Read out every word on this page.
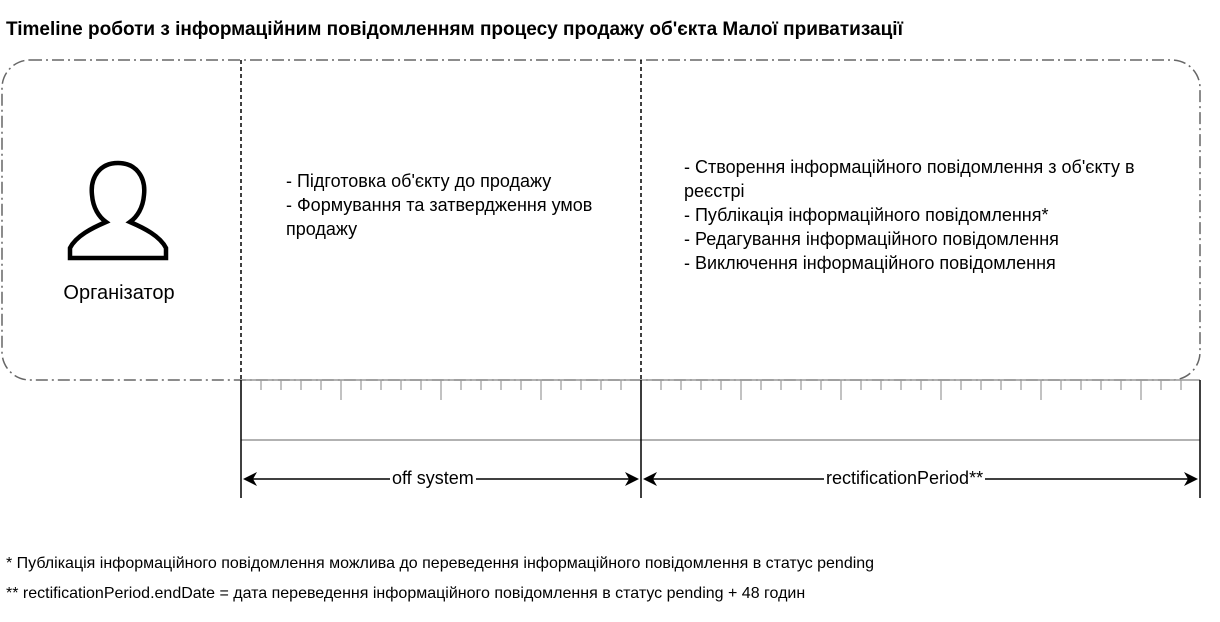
Timeline роботи з інформаційним повідомленням процесу продажу об'єкта Малої приватизації
Організатор
- Підготовка об'єкту до продажу
- Формування та затвердження умов продажу
- Створення інформаційного повідомлення з об'єкту в реєстрі
- Публікація інформаційного повідомлення*
- Редагування інформаційного повідомлення
- Виключення інформаційного повідомлення
off system	rectificationPeriod**
* Публікація інформаційного повідомлення можлива до переведення інформаційного повідомлення в статус pending
** rectificationPeriod.endDate = дата переведення інформаційного повідомлення в статус pending + 48 годин
